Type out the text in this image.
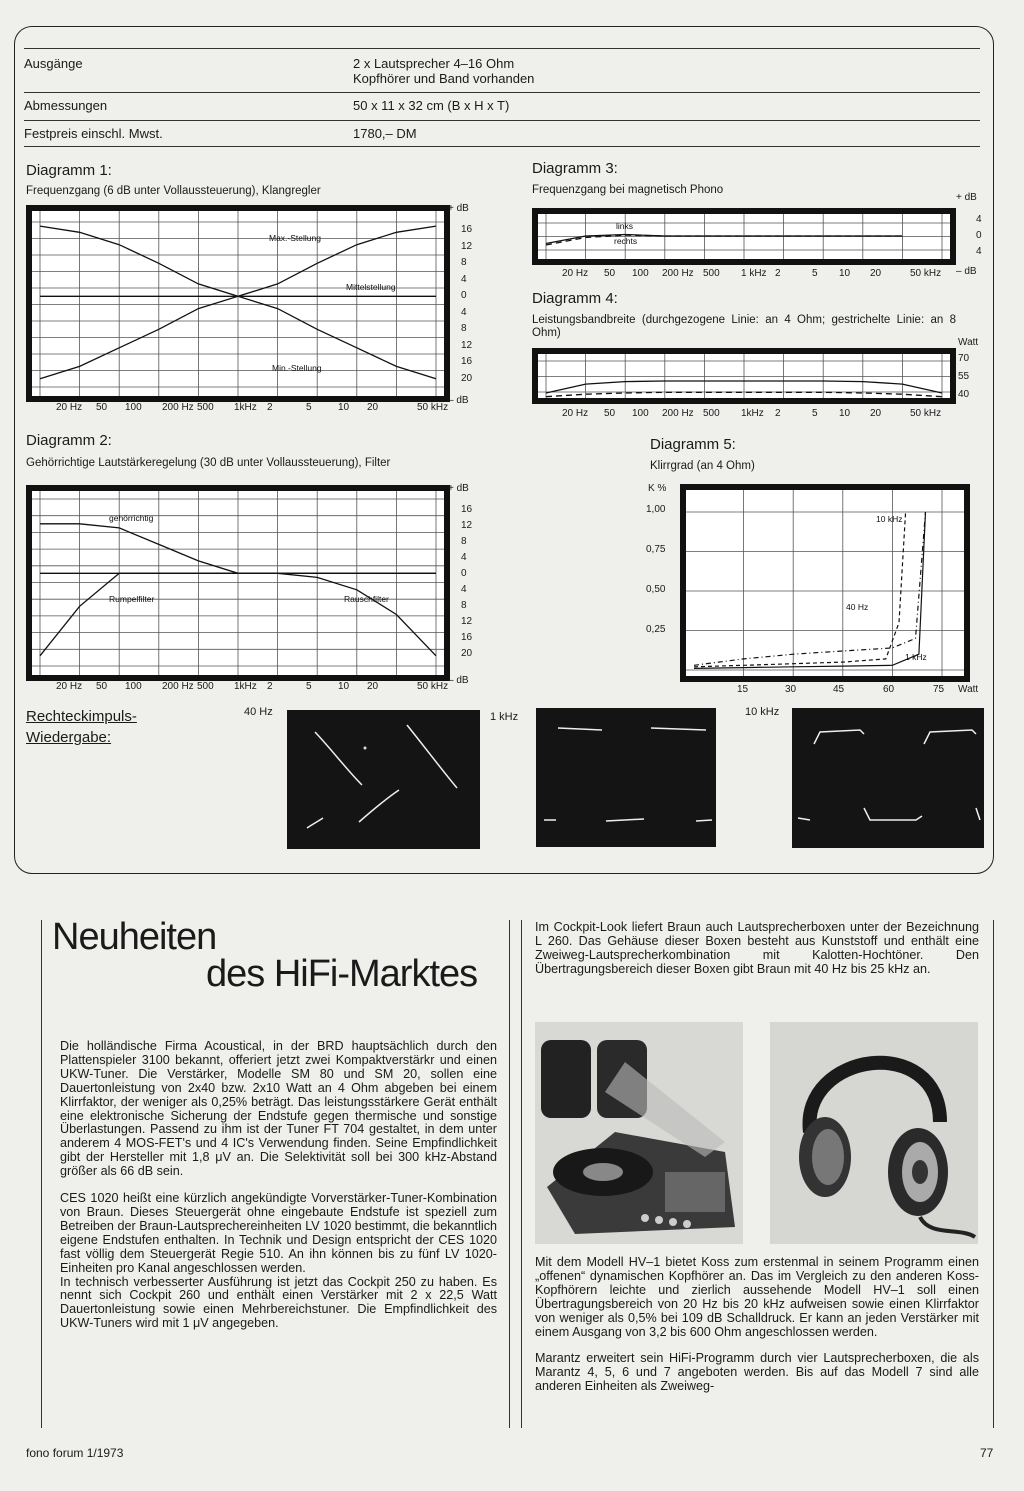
Ausgänge	2 x Lautsprecher 4–16 Ohm
Kopfhörer und Band vorhanden
Abmessungen	50 x 11 x 32 cm (B x H x T)
Festpreis einschl. Mwst.	1780,– DM
Diagramm 1:
Frequenzgang (6 dB unter Vollaussteuerung), Klangregler
Max.-Stellung
Mittelstellung
Min.-Stellung
+ dB
16
12
8
4
0
4
8
12
16
20
– dB
20 Hz 50 100 200 Hz 500 1kHz 2	5	10 20	50 kHz
Diagramm 2:
Gehörrichtige Lautstärkeregelung (30 dB unter Vollaussteuerung), Filter
gehörrichtig
Rumpelfilter	Rauschfilter
+ dB
16
12
8
4
0
4
8
12
16
20
– dB
20 Hz 50 100 200 Hz 500 1kHz 2	5	10 20	50 kHz
Diagramm 3:
Frequenzgang bei magnetisch Phono
links
rechts
+ dB
4
0
4
– dB
20 Hz 50 100 200 Hz 500 1 kHz 2	5 10 20	50 kHz
Diagramm 4:
Leistungsbandbreite (durchgezogene Linie: an 4 Ohm; gestrichelte Linie: an 8 Ohm)
Watt
70
55
40
20 Hz 50 100 200 Hz 500 1kHz 2	5 10 20	50 kHz
Diagramm 5:
Klirrgrad (an 4 Ohm)
10 kHz
40 Hz
1 kHz
K %
1,00
0,75
0,50
0,25
15	30	45	60	75 Watt
Rechteckimpuls-
Wiedergabe:
40 Hz	1 kHz	10 kHz
Neuheiten
des HiFi-Marktes

Die holländische Firma Acoustical, in der BRD hauptsächlich durch den Plattenspieler 3100 bekannt, offeriert jetzt zwei Kompaktverstärkr und einen UKW-Tuner. Die Verstärker, Modelle SM 80 und SM 20, sollen eine Dauertonleistung von 2x40 bzw. 2x10 Watt an 4 Ohm abgeben bei einem Klirrfaktor, der weniger als 0,25% beträgt. Das leistungsstärkere Gerät enthält eine elektronische Sicherung der Endstufe gegen thermische und sonstige Überlastungen. Passend zu ihm ist der Tuner FT 704 gestaltet, in dem unter anderem 4 MOS-FET's und 4 IC's Verwendung finden. Seine Empfindlichkeit gibt der Hersteller mit 1,8 μV an. Die Selektivität soll bei 300 kHz-Abstand größer als 66 dB sein.

CES 1020 heißt eine kürzlich angekündigte Vorverstärker-Tuner-Kombination von Braun. Dieses Steuergerät ohne eingebaute Endstufe ist speziell zum Betreiben der Braun-Lautsprechereinheiten LV 1020 bestimmt, die bekanntlich eigene Endstufen enthalten. In Technik und Design entspricht der CES 1020 fast völlig dem Steuergerät Regie 510. An ihn können bis zu fünf LV 1020-Einheiten pro Kanal angeschlossen werden.

In technisch verbesserter Ausführung ist jetzt das Cockpit 250 zu haben. Es nennt sich Cockpit 260 und enthält einen Verstärker mit 2 x 22,5 Watt Dauertonleistung sowie einen Mehrbereichstuner. Die Empfindlichkeit des UKW-Tuners wird mit 1 μV angegeben.

Im Cockpit-Look liefert Braun auch Lautsprecherboxen unter der Bezeichnung L 260. Das Gehäuse dieser Boxen besteht aus Kunststoff und enthält eine Zweiweg-Lautsprecherkombination mit Kalotten-Hochtöner. Den Übertragungsbereich dieser Boxen gibt Braun mit 40 Hz bis 25 kHz an.

Mit dem Modell HV–1 bietet Koss zum erstenmal in seinem Programm einen „offenen“ dynamischen Kopfhörer an. Das im Vergleich zu den anderen Koss-Kopfhörern leichte und zierlich aussehende Modell HV–1 soll einen Übertragungsbereich von 20 Hz bis 20 kHz aufweisen sowie einen Klirrfaktor von weniger als 0,5% bei 109 dB Schalldruck. Er kann an jeden Verstärker mit einem Ausgang von 3,2 bis 600 Ohm angeschlossen werden.

Marantz erweitert sein HiFi-Programm durch vier Lautsprecherboxen, die als Marantz 4, 5, 6 und 7 angeboten werden. Bis auf das Modell 7 sind alle anderen Einheiten als Zweiweg-

fono forum 1/1973	77
